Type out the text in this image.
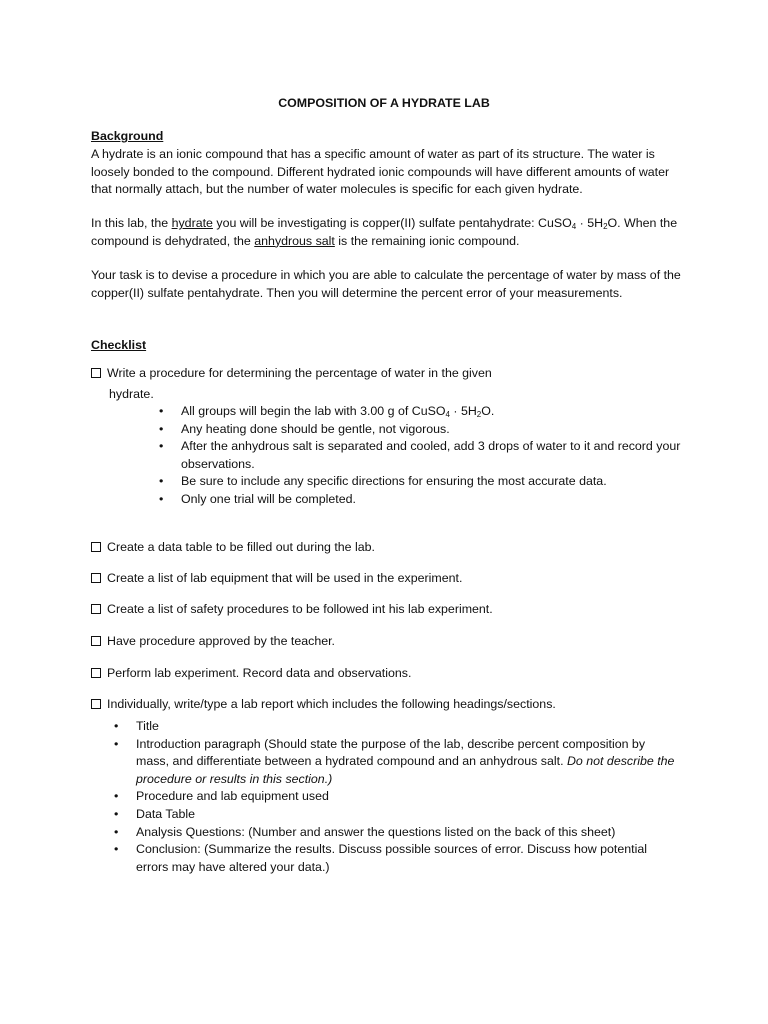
COMPOSITION OF A HYDRATE LAB
Background
A hydrate is an ionic compound that has a specific amount of water as part of its structure. The water is loosely bonded to the compound. Different hydrated ionic compounds will have different amounts of water that normally attach, but the number of water molecules is specific for each given hydrate.
In this lab, the hydrate you will be investigating is copper(II) sulfate pentahydrate: CuSO$_4$ · $5H_2O$. When the compound is dehydrated, the anhydrous salt is the remaining ionic compound.
Your task is to devise a procedure in which you are able to calculate the percentage of water by mass of the copper(II) sulfate pentahydrate. Then you will determine the percent error of your measurements.
Checklist
Write a procedure for determining the percentage of water in the given
hydrate.
• All groups will begin the lab with 3.00 g of CuSO$_4$ · $5H_2O$.
• Any heating done should be gentle, not vigorous.
• After the anhydrous salt is separated and cooled, add 3 drops of water to it and record your observations.
• Be sure to include any specific directions for ensuring the most accurate data.
• Only one trial will be completed.
Create a data table to be filled out during the lab.
Create a list of lab equipment that will be used in the experiment.
Create a list of safety procedures to be followed int his lab experiment.
Have procedure approved by the teacher.
Perform lab experiment. Record data and observations.
Individually, write/type a lab report which includes the following headings/sections.
• Title
• Introduction paragraph (Should state the purpose of the lab, describe percent composition by mass, and differentiate between a hydrated compound and an anhydrous salt. Do not describe the procedure or results in this section.)
• Procedure and lab equipment used
• Data Table
• Analysis Questions: (Number and answer the questions listed on the back of this sheet)
• Conclusion: (Summarize the results. Discuss possible sources of error. Discuss how potential errors may have altered your data.)
